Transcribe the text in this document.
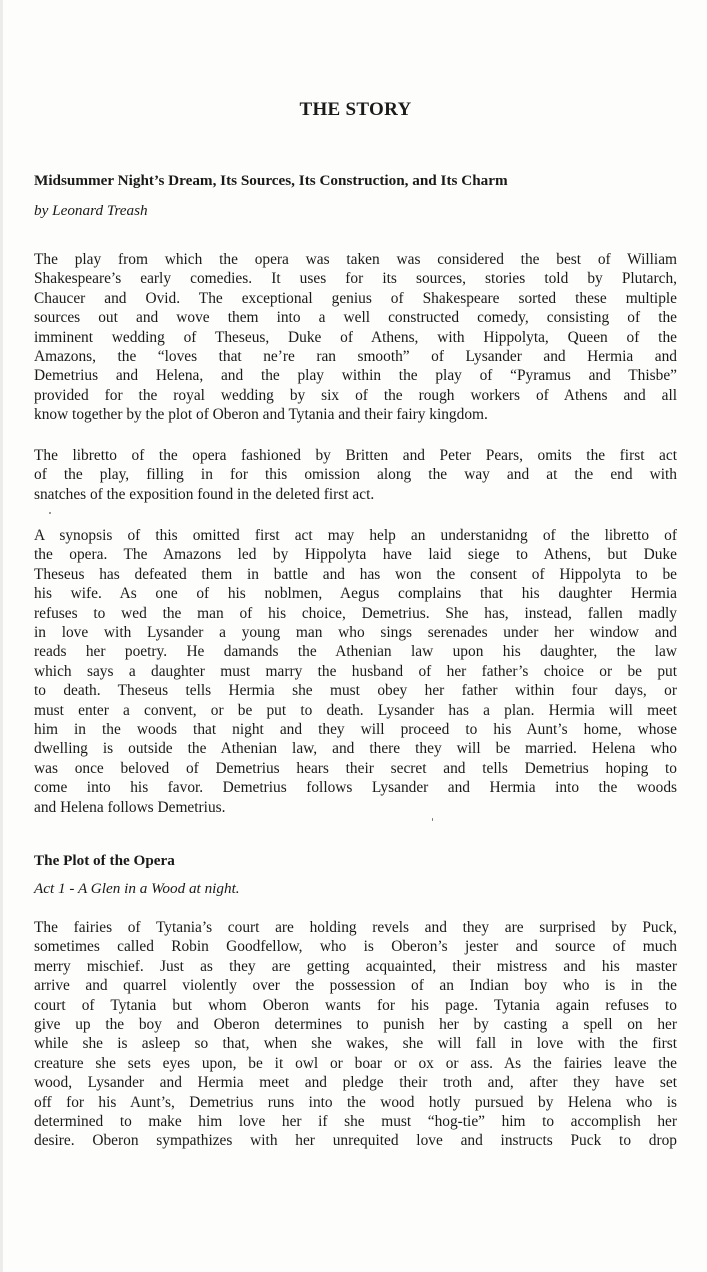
THE STORY
Midsummer Night’s Dream, Its Sources, Its Construction, and Its Charm

by Leonard Treash

The play from which the opera was taken was considered the best of William
Shakespeare’s early comedies. It uses for its sources, stories told by Plutarch,
Chaucer and Ovid. The exceptional genius of Shakespeare sorted these multiple
sources out and wove them into a well constructed comedy, consisting of the
imminent wedding of Theseus, Duke of Athens, with Hippolyta, Queen of the
Amazons, the “loves that ne’re ran smooth” of Lysander and Hermia and
Demetrius and Helena, and the play within the play of “Pyramus and Thisbe”
provided for the royal wedding by six of the rough workers of Athens and all
know together by the plot of Oberon and Tytania and their fairy kingdom.
The libretto of the opera fashioned by Britten and Peter Pears, omits the first act
of the play, filling in for this omission along the way and at the end with
snatches of the exposition found in the deleted first act.
A synopsis of this omitted first act may help an understanidng of the libretto of
the opera. The Amazons led by Hippolyta have laid siege to Athens, but Duke
Theseus has defeated them in battle and has won the consent of Hippolyta to be
his wife. As one of his noblmen, Aegus complains that his daughter Hermia
refuses to wed the man of his choice, Demetrius. She has, instead, fallen madly
in love with Lysander a young man who sings serenades under her window and
reads her poetry. He damands the Athenian law upon his daughter, the law
which says a daughter must marry the husband of her father’s choice or be put
to death. Theseus tells Hermia she must obey her father within four days, or
must enter a convent, or be put to death. Lysander has a plan. Hermia will meet
him in the woods that night and they will proceed to his Aunt’s home, whose
dwelling is outside the Athenian law, and there they will be married. Helena who
was once beloved of Demetrius hears their secret and tells Demetrius hoping to
come into his favor. Demetrius follows Lysander and Hermia into the woods
and Helena follows Demetrius.
The Plot of the Opera

Act 1 - A Glen in a Wood at night.

The fairies of Tytania’s court are holding revels and they are surprised by Puck,
sometimes called Robin Goodfellow, who is Oberon’s jester and source of much
merry mischief. Just as they are getting acquainted, their mistress and his master
arrive and quarrel violently over the possession of an Indian boy who is in the
court of Tytania but whom Oberon wants for his page. Tytania again refuses to
give up the boy and Oberon determines to punish her by casting a spell on her
while she is asleep so that, when she wakes, she will fall in love with the first
creature she sets eyes upon, be it owl or boar or ox or ass. As the fairies leave the
wood, Lysander and Hermia meet and pledge their troth and, after they have set
off for his Aunt’s, Demetrius runs into the wood hotly pursued by Helena who is
determined to make him love her if she must “hog-tie” him to accomplish her
desire. Oberon sympathizes with her unrequited love and instructs Puck to drop
